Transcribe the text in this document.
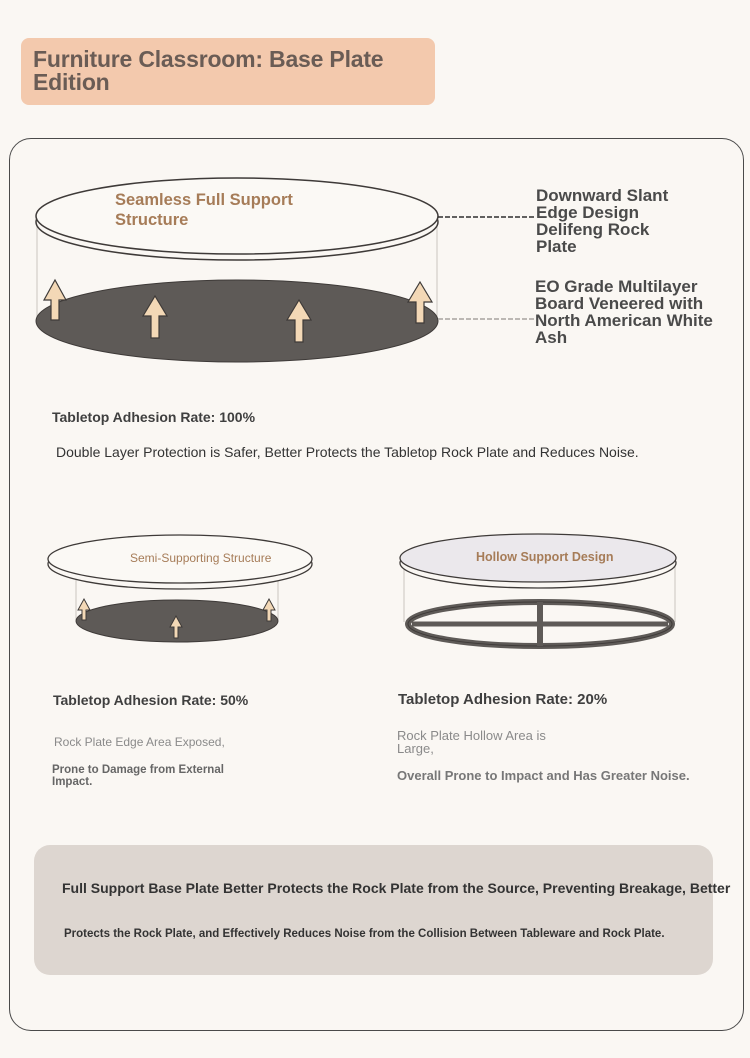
Furniture Classroom: Base Plate Edition
Seamless Full Support Structure
Downward Slant Edge Design Delifeng Rock Plate
EO Grade Multilayer Board Veneered with North American White Ash
Tabletop Adhesion Rate: 100%
Double Layer Protection is Safer, Better Protects the Tabletop Rock Plate and Reduces Noise.
Semi-Supporting Structure
Tabletop Adhesion Rate: 50%
Rock Plate Edge Area Exposed,
Prone to Damage from External Impact.
Hollow Support Design
Tabletop Adhesion Rate: 20%
Rock Plate Hollow Area is Large,
Overall Prone to Impact and Has Greater Noise.
Full Support Base Plate Better Protects the Rock Plate from the Source, Preventing Breakage, Better
Protects the Rock Plate, and Effectively Reduces Noise from the Collision Between Tableware and Rock Plate.
